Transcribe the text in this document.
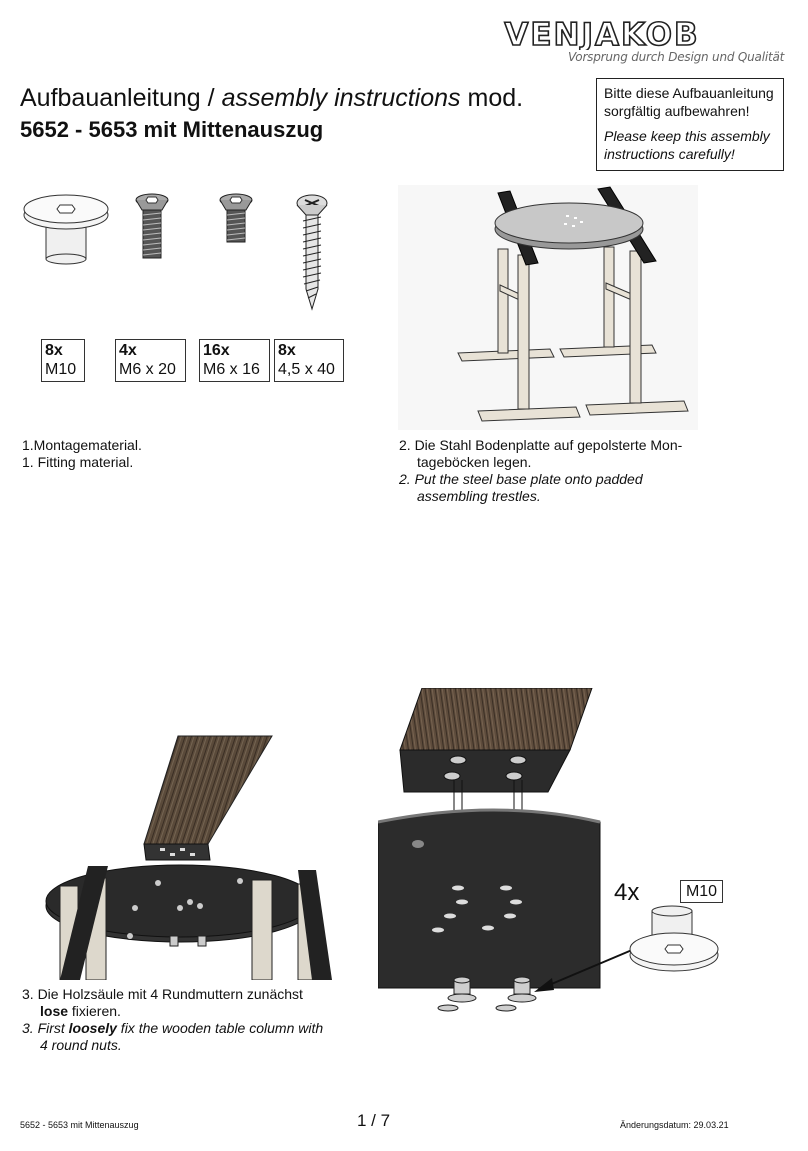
VENJAKOB
Vorsprung durch Design und Qualität
Aufbauanleitung / assembly instructions mod.
5652 - 5653 mit Mittenauszug
Bitte diese Aufbauanleitung sorgfältig aufbewahren!
Please keep this assembly instructions carefully!
8x
M10
4x
M6 x 20
16x
M6 x 16
8x
4,5 x 40
1.Montagematerial.
1. Fitting material.
2. Die Stahl Bodenplatte auf gepolsterte Mon-
tageböcken legen.
2. Put the steel base plate onto padded
assembling trestles.
3. Die Holzsäule mit 4 Rundmuttern zunächst
lose fixieren.
3. First loosely fix the wooden table column with
4 round nuts.
4x	M10
5652 - 5653 mit Mittenauszug	1 / 7	Änderungsdatum: 29.03.21
